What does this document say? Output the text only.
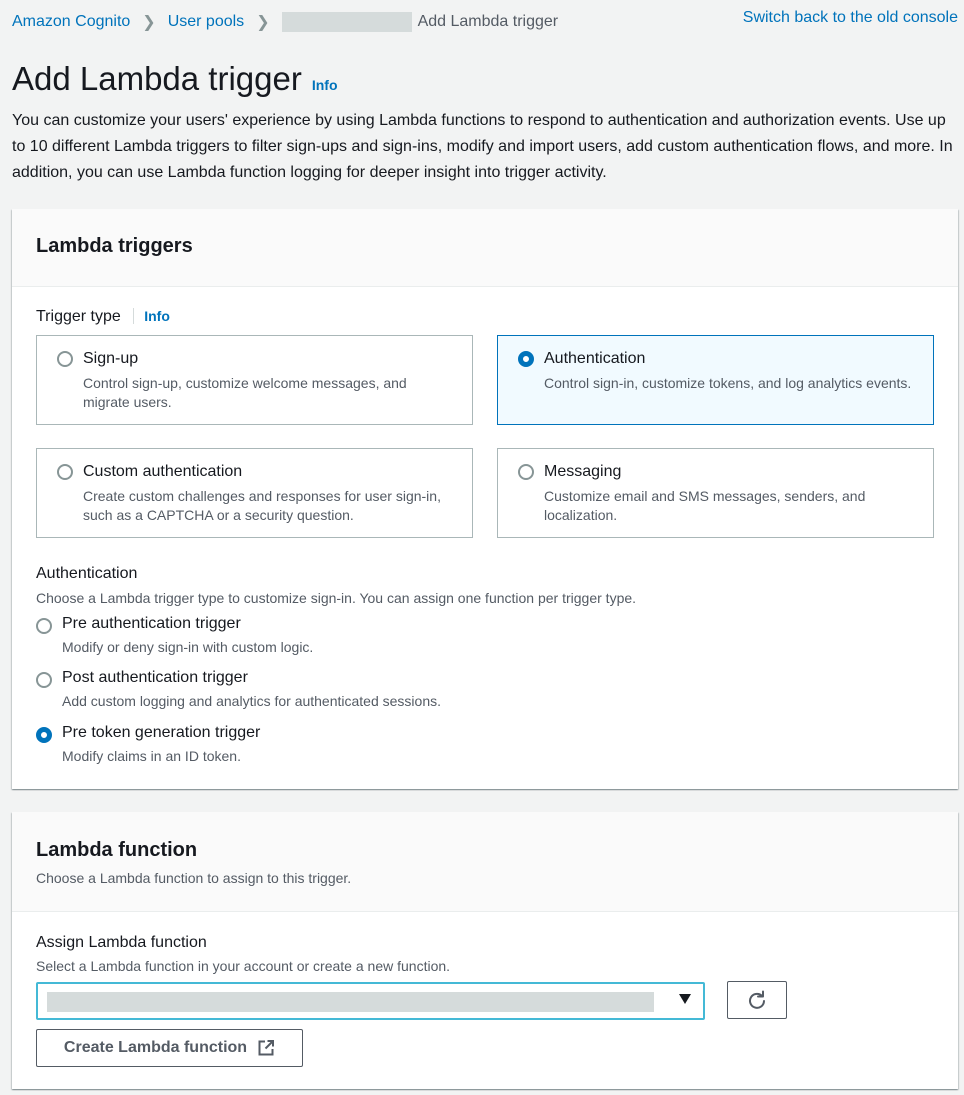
Amazon Cognito ❯ User pools ❯	Add Lambda trigger	Switch back to the old console
Add Lambda trigger Info

You can customize your users' experience by using Lambda functions to respond to authentication and authorization events. Use up to 10 different Lambda triggers to filter sign-ups and sign-ins, modify and import users, add custom authentication flows, and more. In addition, you can use Lambda function logging for deeper insight into trigger activity.

Lambda triggers
Trigger type Info
Sign-up
Control sign-up, customize welcome messages, and migrate users.
Authentication
Control sign-in, customize tokens, and log analytics events.
Custom authentication
Create custom challenges and responses for user sign-in, such as a CAPTCHA or a security question.
Messaging
Customize email and SMS messages, senders, and localization.
Authentication
Choose a Lambda trigger type to customize sign-in. You can assign one function per trigger type.
Pre authentication trigger
Modify or deny sign-in with custom logic.
Post authentication trigger
Add custom logging and analytics for authenticated sessions.
Pre token generation trigger
Modify claims in an ID token.
Lambda function
Choose a Lambda function to assign to this trigger.
Assign Lambda function
Select a Lambda function in your account or create a new function.
Create Lambda function
